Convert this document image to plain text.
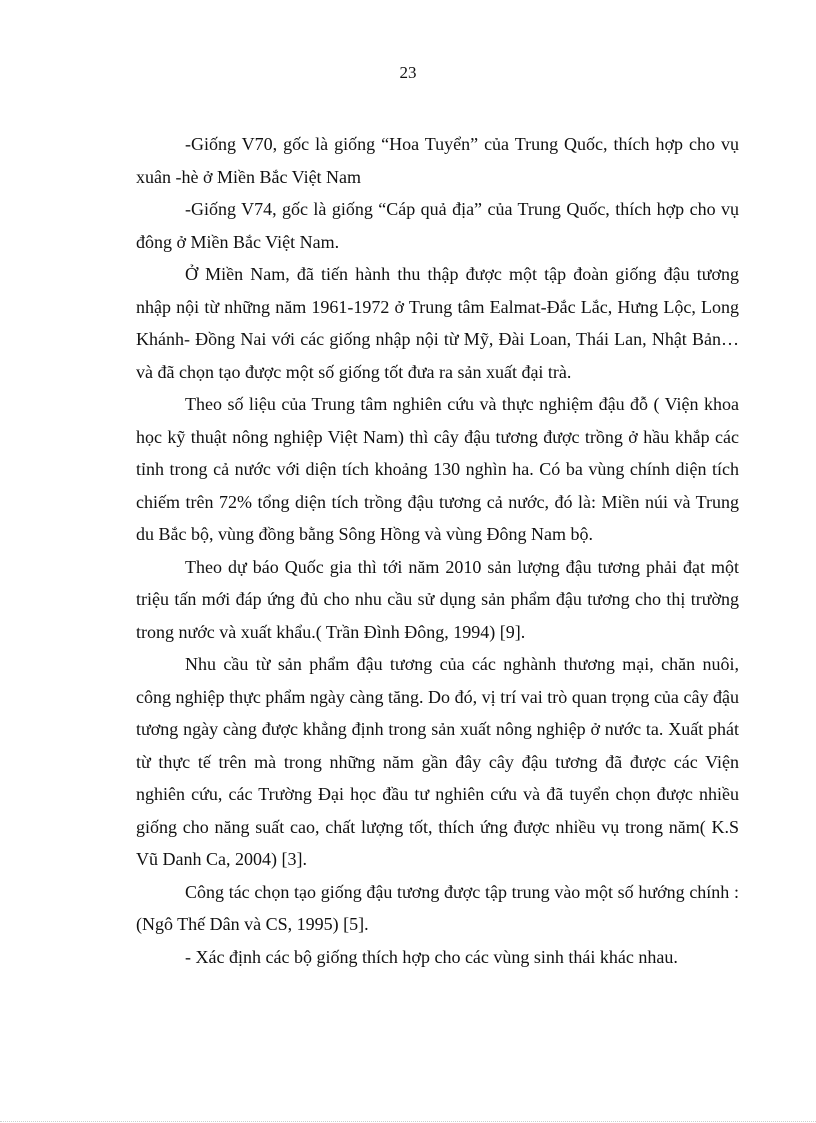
23

-Giống V70, gốc là giống “Hoa Tuyển” của Trung Quốc, thích hợp cho vụ xuân -hè ở Miền Bắc Việt Nam

-Giống V74, gốc là giống “Cáp quả địa” của Trung Quốc, thích hợp cho vụ đông ở Miền Bắc Việt Nam.

Ở Miền Nam, đã tiến hành thu thập được một tập đoàn giống đậu tương nhập nội từ những năm 1961-1972 ở Trung tâm Ealmat-Đắc Lắc, Hưng Lộc, Long Khánh- Đồng Nai với các giống nhập nội từ Mỹ, Đài Loan, Thái Lan, Nhật Bản… và đã chọn tạo được một số giống tốt đưa ra sản xuất đại trà.

Theo số liệu của Trung tâm nghiên cứu và thực nghiệm đậu đỗ ( Viện khoa học kỹ thuật nông nghiệp Việt Nam) thì cây đậu tương được trồng ở hầu khắp các tỉnh trong cả nước với diện tích khoảng 130 nghìn ha. Có ba vùng chính diện tích chiếm trên 72% tổng diện tích trồng đậu tương cả nước, đó là: Miền núi và Trung du Bắc bộ, vùng đồng bằng Sông Hồng và vùng Đông Nam bộ.

Theo dự báo Quốc gia thì tới năm 2010 sản lượng đậu tương phải đạt một triệu tấn mới đáp ứng đủ cho nhu cầu sử dụng sản phẩm đậu tương cho thị trường trong nước và xuất khẩu.( Trần Đình Đông, 1994) [9].

Nhu cầu từ sản phẩm đậu tương của các nghành thương mại, chăn nuôi, công nghiệp thực phẩm ngày càng tăng. Do đó, vị trí vai trò quan trọng của cây đậu tương ngày càng được khẳng định trong sản xuất nông nghiệp ở nước ta. Xuất phát từ thực tế trên mà trong những năm gần đây cây đậu tương đã được các Viện nghiên cứu, các Trường Đại học đầu tư nghiên cứu và đã tuyển chọn được nhiều giống cho năng suất cao, chất lượng tốt, thích ứng được nhiều vụ trong năm( K.S Vũ Danh Ca, 2004) [3].

Công tác chọn tạo giống đậu tương được tập trung vào một số hướng chính : (Ngô Thế Dân và CS, 1995) [5].

- Xác định các bộ giống thích hợp cho các vùng sinh thái khác nhau.
